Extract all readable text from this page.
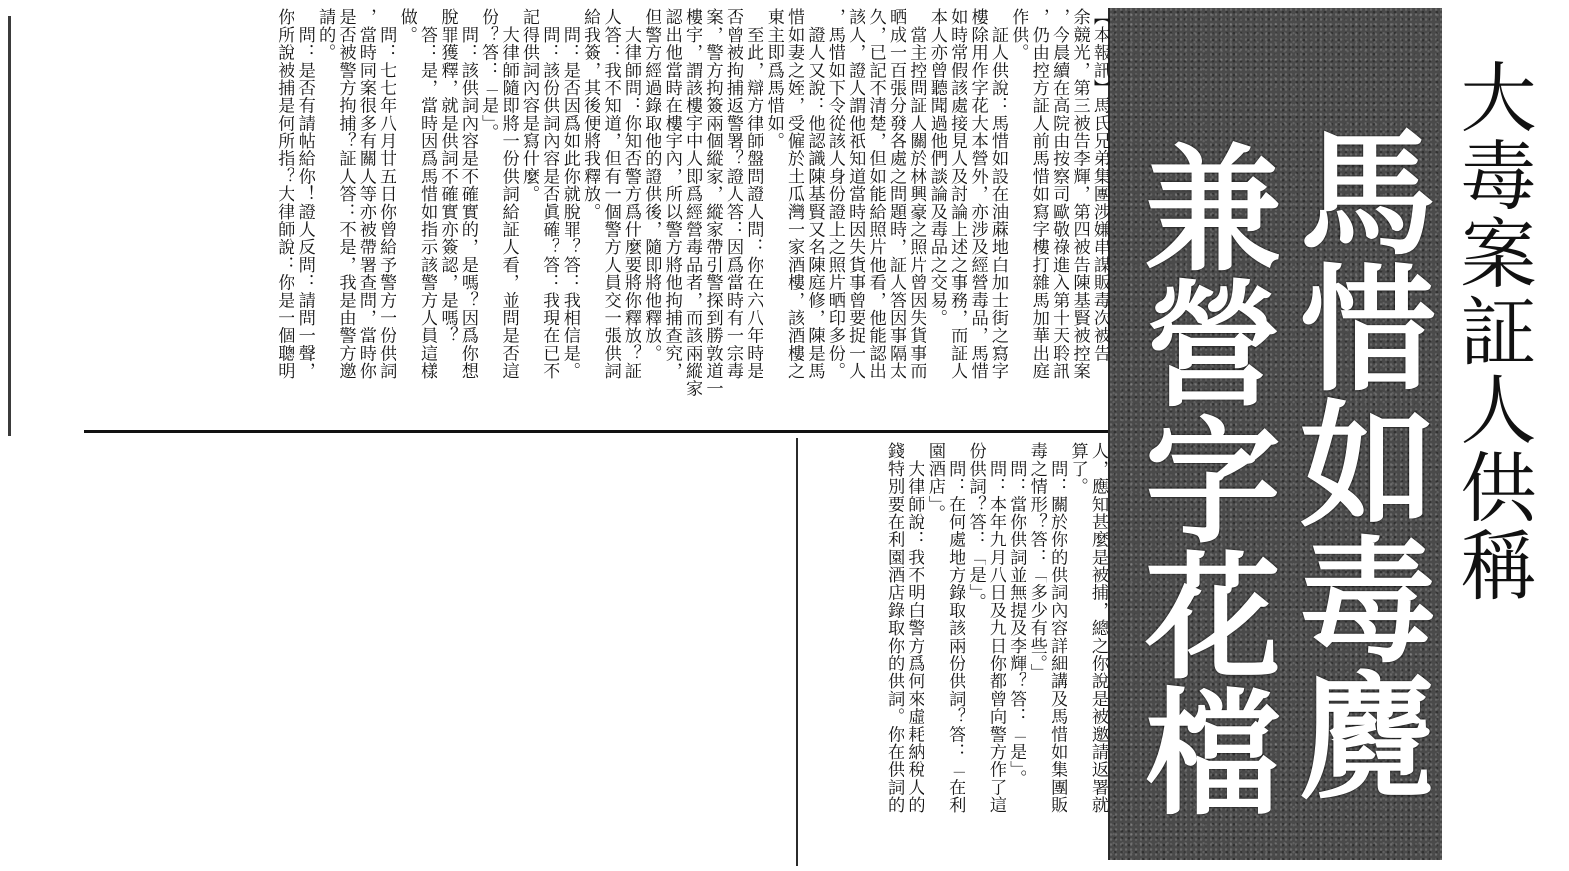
馬惜如毒麑
兼營字花檔 大毒案証人供稱
【本報訊】馬氏兄弟集團涉嫌串謀販毒次被告
余競光，第三被告李輝，第四被告陳基賢被控案
，今晨續在高院由按察司歐敬祿進入第十天聆訊
，仍由控方証人前馬惜如寫字樓打雜馬加華出庭
作供。
　証人供說：馬惜如設在油蔴地白加士街之寫字
樓除用作字花大本營外，亦涉及經營毒品，馬惜
如時常假該處接見人及討論上述之事務，而証人
本人亦曾聽聞過他們談論及毒品之交易。
　當主控問証人關於林興豪之照片曾因失貨事而
晒成一百張分發各處之問題時，証人答因事隔太
久，已記不清楚，但如能給照片他看，他能認出
該人，證人謂他祇知道當時因失貨事曾要捉一人
，馬惜如下令從該人身份證上之照片晒印多份。
　證人又說：他認識陳基賢又名陳庭修，陳是馬
惜如妻之姪，受僱於土瓜灣一家酒樓，該酒樓之
東主即爲馬惜如。
　至此，辯方律師盤問證人問：你在六八年時是
否曾被拘捕返警署？證人答：因爲當時有一宗毒
案，警方拘簽兩個縱家，縱家帶引警探到勝敦道一
樓宇，謂該樓宇中人即爲經營毒品者，而該兩縱家
認出他當時在樓宇內，所以警方將他拘捕查究，
但警方經過錄取他的證供後，隨即將他釋放。
　大律師問：你知否警方爲什麼要將你釋放？証
人答：我不知道，但有一個警方人員交一張供詞
給我簽，其後便將我釋放。
　問：是否因爲如此你就脫罪？答：我相信是。
　問：該份供詞內容是否眞確？答：我現在已不
記得供詞內容是寫什麼。
　大律師隨即將一份供詞給証人看，並問是否這
份？答：「是」。
　問：該供詞內容是不確實的，是嗎？因爲你想
脫罪獲釋，就是供詞不確實亦簽認，是嗎？
　答：是，當時因爲馬惜如指示該警方人員這樣
做。
　問：七七年八月廿五日你曾給予警方一份供詞
，當時同案很多有關人等亦被帶署查問，當時你
是否被警方拘捕？証人答：不是，我是由警方邀
請的。
　問：是否有請帖給你！證人反問：請問一聲，
你所說被捕是何所指？大律師說：你是一個聰明
人，應知甚麼是被捕，總之你說是被邀請返署就
算了。
　問：關於你的供詞內容詳細講及馬惜如集團販
毒之情形？答：「多少有些。」
　問：當你供詞並無提及李輝？答：「是」。
　問：本年九月八日及九日你都曾向警方作了這
份供詞？答：「是」。
　問：在何處地方錄取該兩份供詞？答：「在利
園酒店」。
　大律師說：我不明白警方爲何來虛耗納稅人的
錢特別要在利園酒店錄取你的供詞。你在供詞的
